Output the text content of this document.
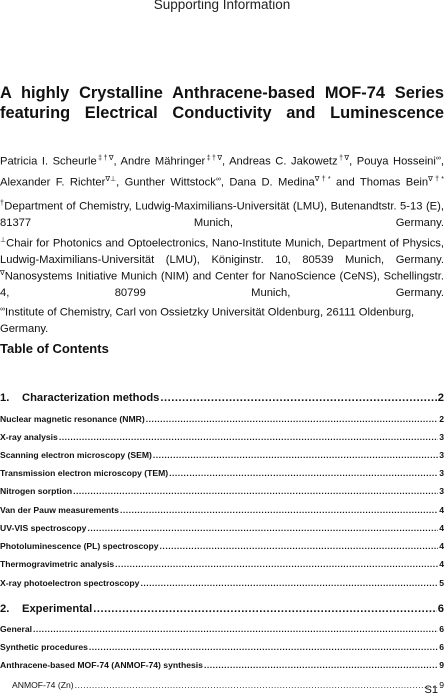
Supporting Information
A highly Crystalline Anthracene-based MOF-74 Series featuring Electrical Conductivity and Luminescence
Patricia I. Scheurle‡†∇, Andre Mähringer‡†∇, Andreas C. Jakowetz†∇, Pouya Hosseini∞, Alexander F. Richter∇⊥, Gunther Wittstock∞, Dana D. Medina∇†* and Thomas Bein∇†*
†Department of Chemistry, Ludwig-Maximilians-Universität (LMU), Butenandtstr. 5-13 (E), 81377 Munich, Germany.
⊥Chair for Photonics and Optoelectronics, Nano-Institute Munich, Department of Physics, Ludwig-Maximilians-Universität (LMU), Königinstr. 10, 80539 Munich, Germany.
∇Nanosystems Initiative Munich (NIM) and Center for NanoScience (CeNS), Schellingstr. 4, 80799 Munich, Germany.
∞Institute of Chemistry, Carl von Ossietzky Universität Oldenburg, 26111 Oldenburg, Germany.
Table of Contents
1. Characterization methods .....	2
Nuclear magnetic resonance (NMR) .....	2
X-ray analysis .....	3
Scanning electron microscopy (SEM) .....	3
Transmission electron microscopy (TEM) .....	3
Nitrogen sorption .....	3
Van der Pauw measurements .....	4
UV-VIS spectroscopy .....	4
Photoluminescence (PL) spectroscopy .....	4
Thermogravimetric analysis .....	4
X-ray photoelectron spectroscopy .....	5
2. Experimental .....	6
General .....	6
Synthetic procedures .....	6
Anthracene-based MOF-74 (ANMOF-74) synthesis .....	9
ANMOF-74 (Zn) .....	9
S1
